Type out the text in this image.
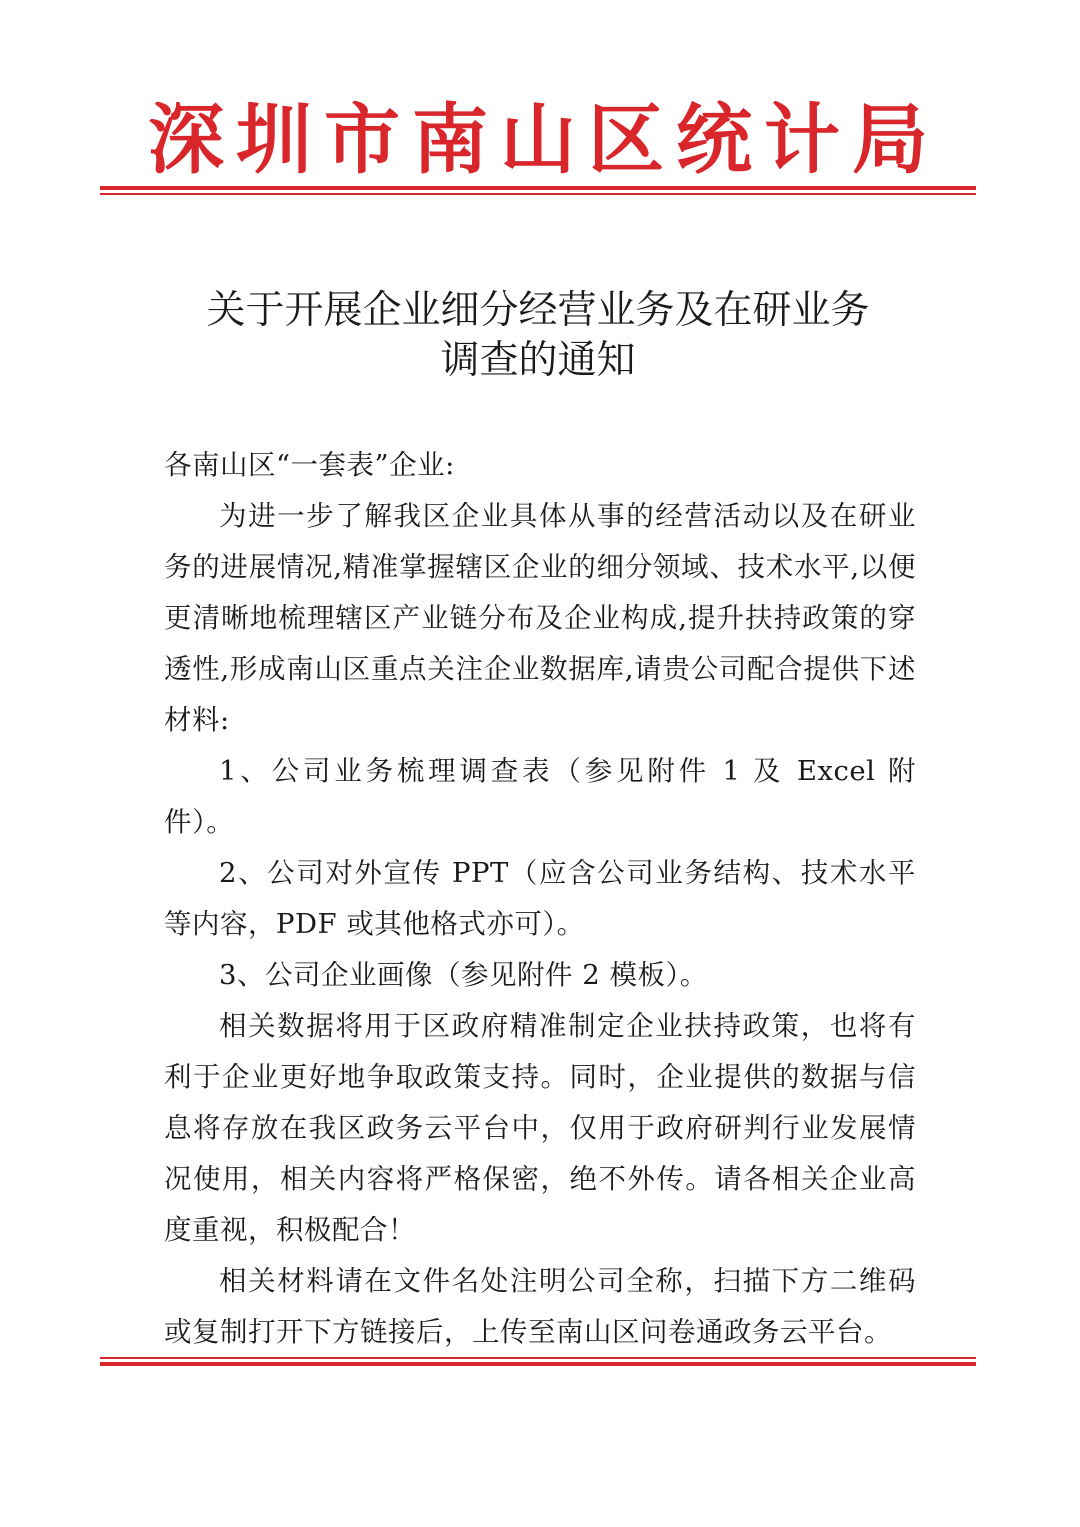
深 圳 市 南 山 区 统 计 局
关于开展企业细分经营业务及在研业务
调查的通知

各南山区“一套表”企业:

为进一步了解我区企业具体从事的经营活动以及在研业务的进展情况,精准掌握辖区企业的细分领域、技术水平,以便更清晰地梳理辖区产业链分布及企业构成,提升扶持政策的穿透性,形成南山区重点关注企业数据库,请贵公司配合提供下述材料:

1、公司业务梳理调查表（参见附件 1 及 Excel 附件）。

2、公司对外宣传 PPT（应含公司业务结构、技术水平等内容，PDF 或其他格式亦可）。

3、公司企业画像（参见附件 2 模板）。

相关数据将用于区政府精准制定企业扶持政策，也将有利于企业更好地争取政策支持。同时，企业提供的数据与信息将存放在我区政务云平台中，仅用于政府研判行业发展情况使用，相关内容将严格保密，绝不外传。请各相关企业高度重视，积极配合！

相关材料请在文件名处注明公司全称，扫描下方二维码或复制打开下方链接后，上传至南山区问卷通政务云平台。
